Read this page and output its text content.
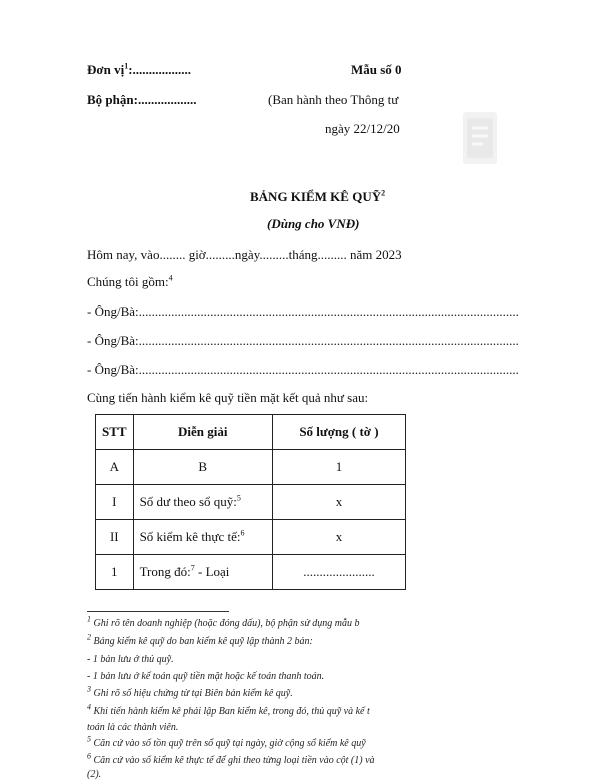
Đơn vị$^1$:..................
Bộ phận:..................
Mẫu số 0
(Ban hành theo Thông tư
ngày 22/12/20
BẢNG KIỂM KÊ QUỸ$^2$
(Dùng cho VNĐ)
Hôm nay, vào........ giờ.........ngày.........tháng......... năm 2023
Chúng tôi gồm:$^4$
- Ông/Bà:.....................................................................................................................
- Ông/Bà:.....................................................................................................................
- Ông/Bà:.....................................................................................................................
Cùng tiến hành kiểm kê quỹ tiền mặt kết quả như sau:
STT	Diễn giải	Số lượng ( tờ )
A	B	1
I	Số dư theo sổ quỹ:$^5$	x
II	Số kiểm kê thực tế:$^6$	x
1	Trong đó:$^7$ - Loại	......................
$^1$ Ghi rõ tên doanh nghiệp (hoặc đóng dấu), bộ phận sử dụng mẫu b
$^2$ Bảng kiểm kê quỹ do ban kiểm kê quỹ lập thành 2 bản:
- 1 bản lưu ở thủ quỹ.
- 1 bản lưu ở kế toán quỹ tiền mặt hoặc kế toán thanh toán.
$^3$ Ghi rõ số hiệu chứng từ tại Biên bản kiểm kê quỹ.
$^4$ Khi tiến hành kiểm kê phải lập Ban kiểm kê, trong đó, thủ quỹ và kế t
toán là các thành viên.
$^5$ Căn cứ vào số tồn quỹ trên sổ quỹ tại ngày, giờ cộng sổ kiểm kê quỹ
$^6$ Căn cứ vào số kiểm kê thực tế để ghi theo từng loại tiền vào cột (1) và
(2).
